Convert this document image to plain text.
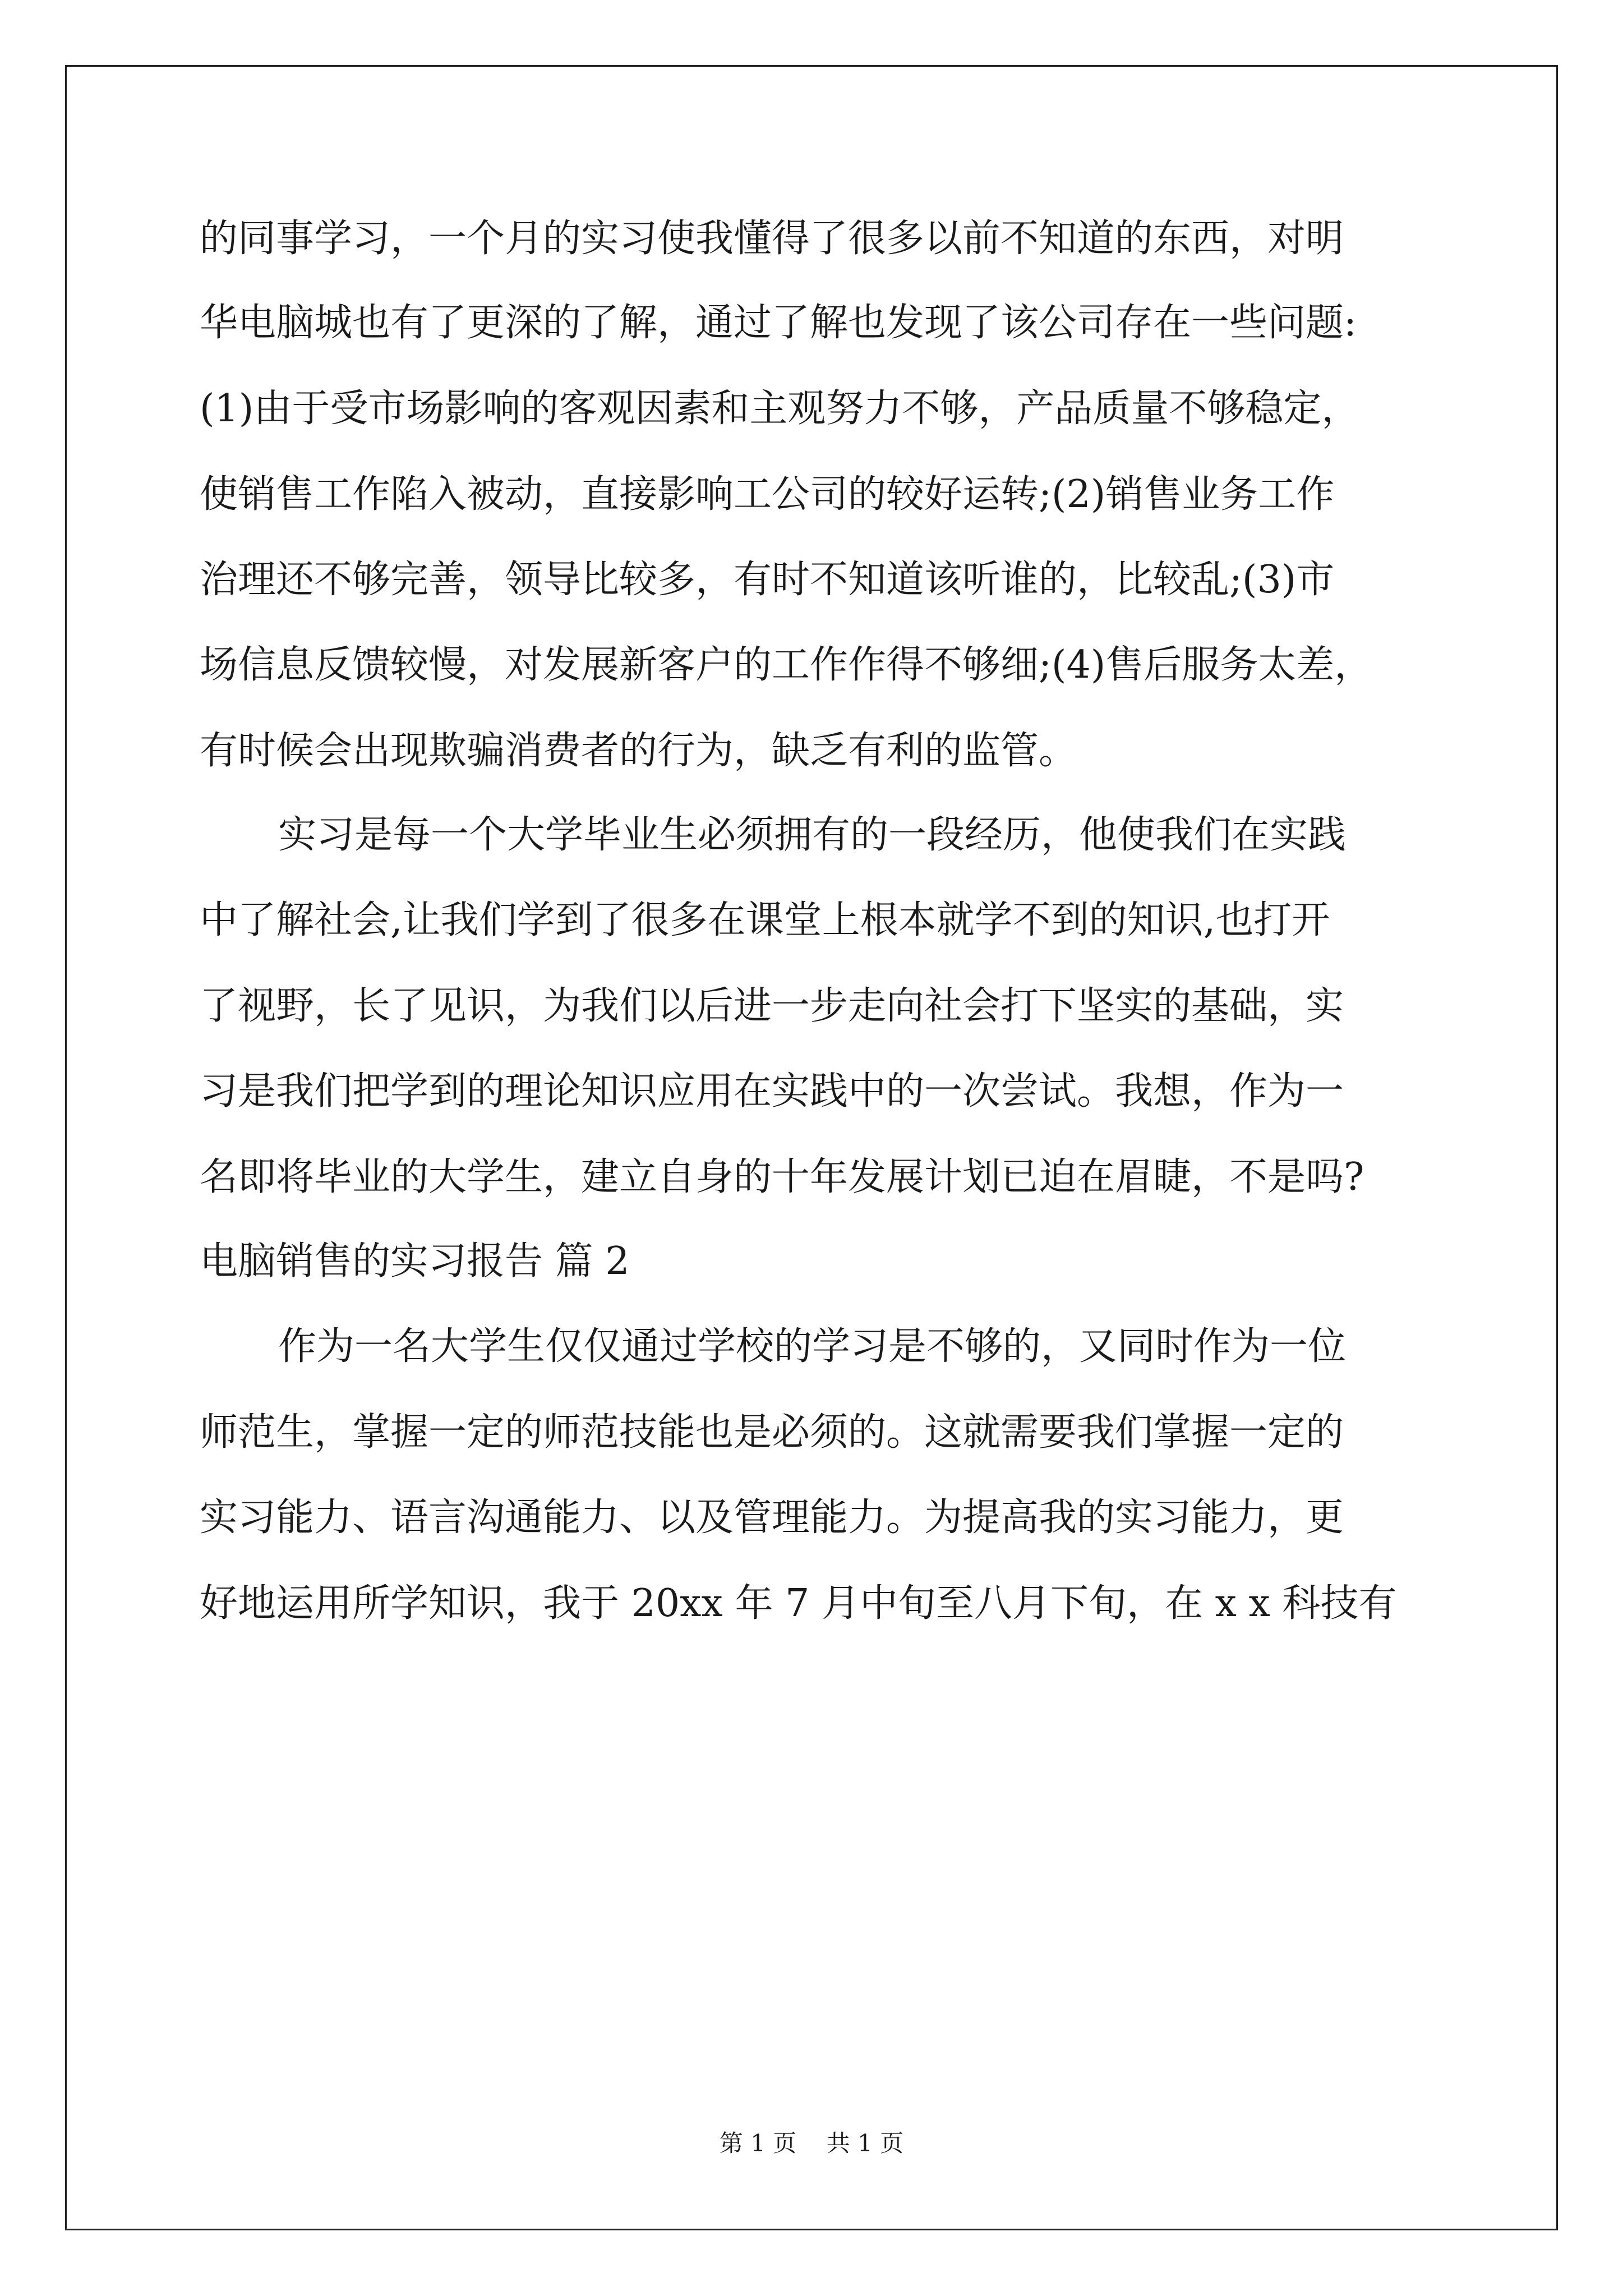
的同事学习，一个月的实习使我懂得了很多以前不知道的东西，对明
华电脑城也有了更深的了解，通过了解也发现了该公司存在一些问题:
(1)由于受市场影响的客观因素和主观努力不够，产品质量不够稳定，
使销售工作陷入被动，直接影响工公司的较好运转;(2)销售业务工作
治理还不够完善，领导比较多，有时不知道该听谁的，比较乱;(3)市
场信息反馈较慢，对发展新客户的工作作得不够细;(4)售后服务太差，
有时候会出现欺骗消费者的行为，缺乏有利的监管。
实习是每一个大学毕业生必须拥有的一段经历，他使我们在实践
中了解社会,让我们学到了很多在课堂上根本就学不到的知识,也打开
了视野，长了见识，为我们以后进一步走向社会打下坚实的基础，实
习是我们把学到的理论知识应用在实践中的一次尝试。我想，作为一
名即将毕业的大学生，建立自身的十年发展计划已迫在眉睫，不是吗?
电脑销售的实习报告 篇 2
作为一名大学生仅仅通过学校的学习是不够的，又同时作为一位
师范生，掌握一定的师范技能也是必须的。这就需要我们掌握一定的
实习能力、语言沟通能力、以及管理能力。为提高我的实习能力，更
好地运用所学知识，我于 20xx 年 7 月中旬至八月下旬，在 x x 科技有
第 1 页    共 1 页
